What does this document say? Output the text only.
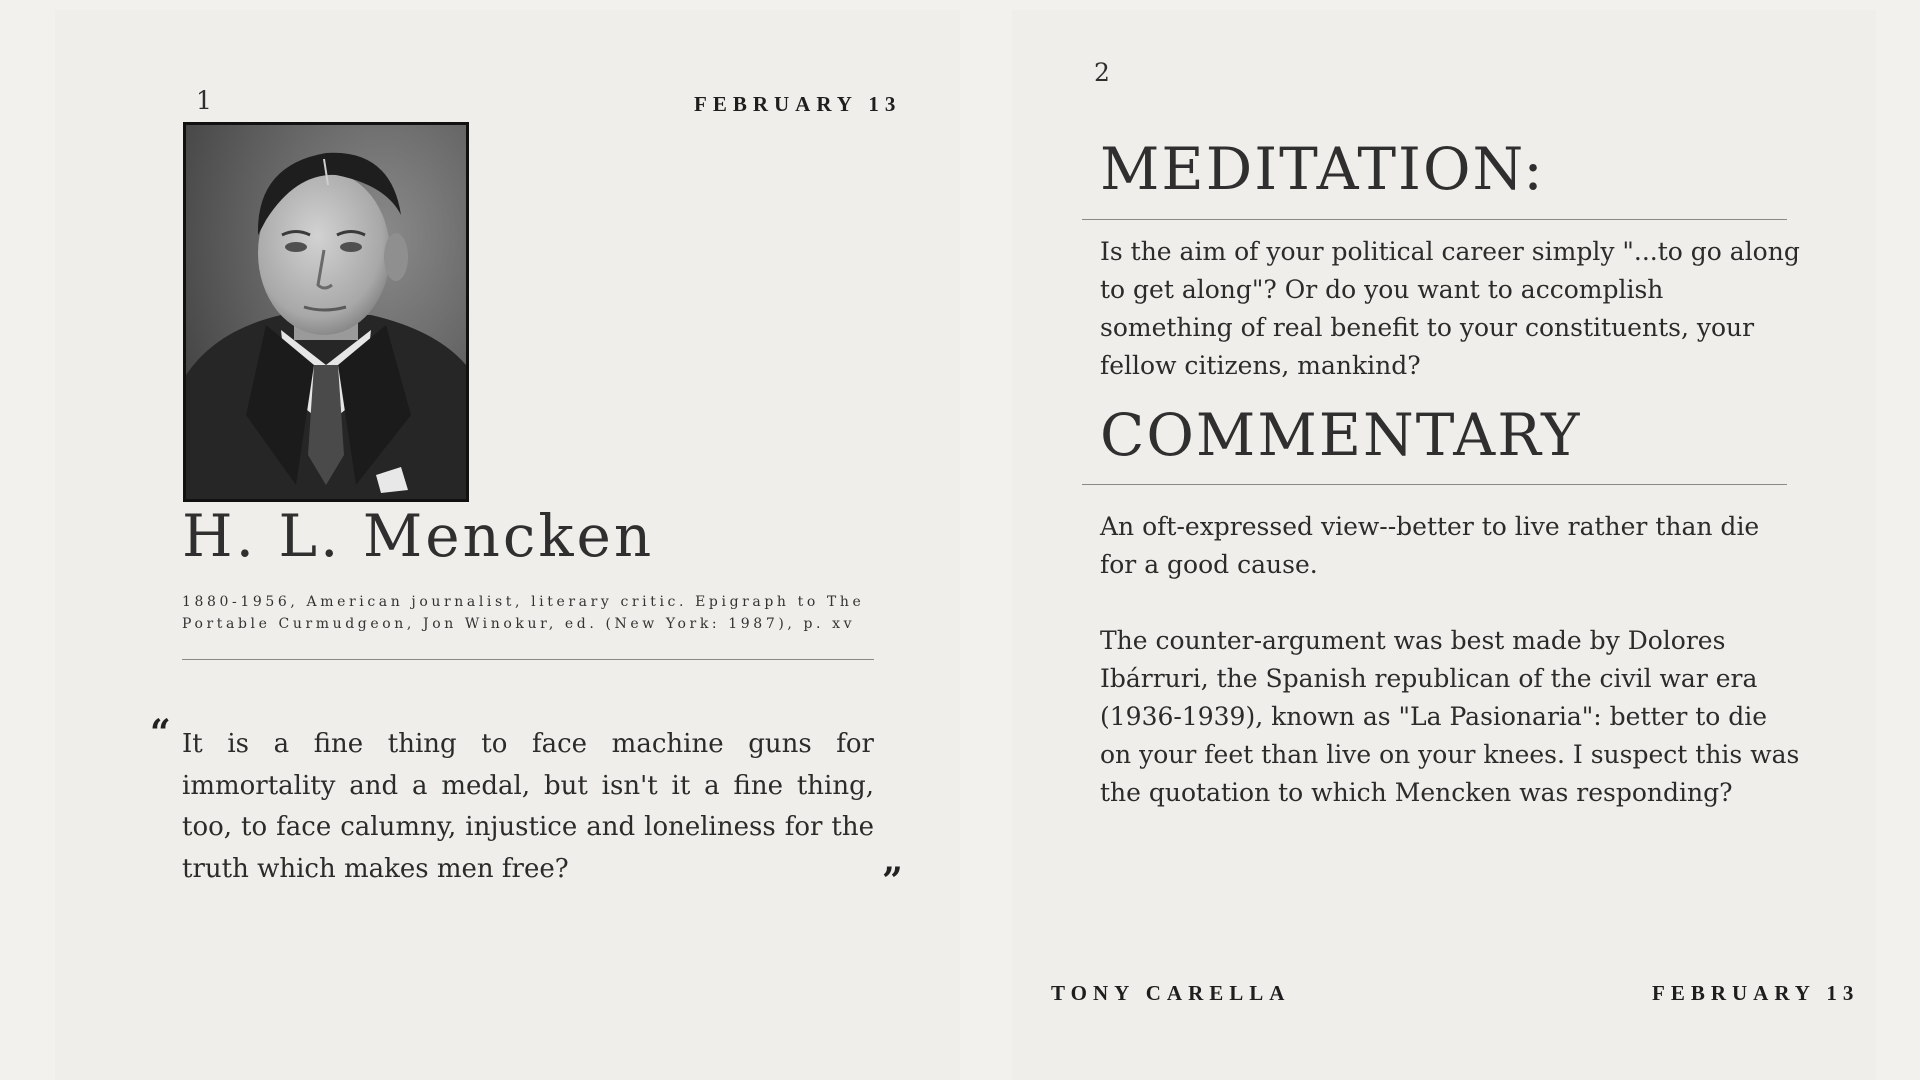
1	FEBRUARY 13
H. L. Mencken
1880-1956, American journalist, literary critic. Epigraph to The Portable Curmudgeon, Jon Winokur, ed. (New York: 1987), p. xv
“ It is a fine thing to face machine guns for immortality and a medal, but isn't it a fine thing, too, to face calumny, injustice and loneliness for the truth which makes men free?	”
2
MEDITATION:

Is the aim of your political career simply "...to go along to get along"? Or do you want to accomplish something of real benefit to your constituents, your fellow citizens, mankind?

COMMENTARY

An oft-expressed view--better to live rather than die for a good cause.

The counter-argument was best made by Dolores Ibárruri, the Spanish republican of the civil war era (1936-1939), known as "La Pasionaria": better to die on your feet than live on your knees. I suspect this was the quotation to which Mencken was responding?

TONY CARELLA	FEBRUARY 13
